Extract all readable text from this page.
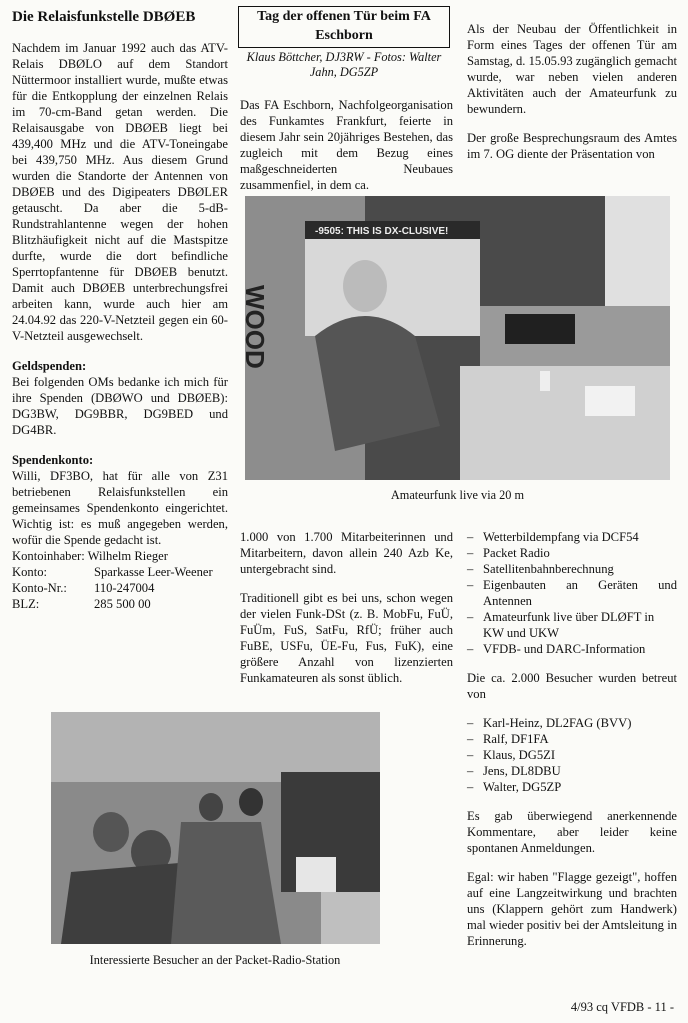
Die Relaisfunkstelle DBØEB

Nachdem im Januar 1992 auch das ATV-Relais DBØLO auf dem Standort Nüttermoor installiert wurde, mußte etwas für die Entkopplung der einzelnen Relais im 70-cm-Band getan werden. Die Relaisausgabe von DBØEB liegt bei 439,400 MHz und die ATV-Toneingabe bei 439,750 MHz. Aus diesem Grund wurden die Standorte der Antennen von DBØEB und des Digipeaters DBØLER getauscht. Da aber die 5-dB-Rundstrahlantenne wegen der hohen Blitzhäufigkeit nicht auf die Mastspitze durfte, wurde die dort befindliche Sperrtopfantenne für DBØEB benutzt. Damit auch DBØEB unterbrechungsfrei arbeiten kann, wurde auch hier am 24.04.92 das 220-V-Netzteil gegen ein 60-V-Netzteil ausgewechselt.

Geldspenden:

Bei folgenden OMs bedanke ich mich für ihre Spenden (DBØWO und DBØEB): DG3BW, DG9BBR, DG9BED und DG4BR.

Spendenkonto:

Willi, DF3BO, hat für alle von Z31 betriebenen Relaisfunkstellen ein gemeinsames Spendenkonto eingerichtet. Wichtig ist: es muß angegeben werden, wofür die Spende gedacht ist.

Kontoinhaber: Wilhelm Rieger

Konto:	Sparkasse Leer-Weener
Konto-Nr.:	110-247004
BLZ:	285 500 00
Tag der offenen Tür beim FA Eschborn
Klaus Böttcher, DJ3RW - Fotos: Walter Jahn, DG5ZP

Das FA Eschborn, Nachfolgeorganisation des Funkamtes Frankfurt, feierte in diesem Jahr sein 20jähriges Bestehen, das zugleich mit dem Bezug eines maßgeschneiderten Neubaues zusammenfiel, in dem ca.

-9505: THIS IS DX-CLUSIVE!
WOOD
Amateurfunk live via 20 m

1.000 von 1.700 Mitarbeiterinnen und Mitarbeitern, davon allein 240 Azb Ke, untergebracht sind.

Traditionell gibt es bei uns, schon wegen der vielen Funk-DSt (z. B. MobFu, FuÜ, FuÜm, FuS, SatFu, RfÜ; früher auch FuBE, USFu, ÜE-Fu, Fus, FuK), eine größere Anzahl von lizenzierten Funkamateuren als sonst üblich.

Interessierte Besucher an der Packet-Radio-Station

Als der Neubau der Öffentlichkeit in Form eines Tages der offenen Tür am Samstag, d. 15.05.93 zugänglich gemacht wurde, war neben vielen anderen Aktivitäten auch der Amateurfunk zu bewundern.

Der große Besprechungsraum des Amtes im 7. OG diente der Präsentation von

– Wetterbildempfang via DCF54
– Packet Radio
– Satellitenbahnberechnung
– Eigenbauten an Geräten und Antennen
– Amateurfunk live über DLØFT in KW und UKW
– VFDB- und DARC-Information

Die ca. 2.000 Besucher wurden betreut von

– Karl-Heinz, DL2FAG (BVV)
– Ralf, DF1FA
– Klaus, DG5ZI
– Jens, DL8DBU
– Walter, DG5ZP

Es gab überwiegend anerkennende Kommentare, aber leider keine spontanen Anmeldungen.

Egal: wir haben "Flagge gezeigt", hoffen auf eine Langzeitwirkung und brachten uns (Klappern gehört zum Handwerk) mal wieder positiv bei der Amtsleitung in Erinnerung.

4/93 cq VFDB - 11 -
